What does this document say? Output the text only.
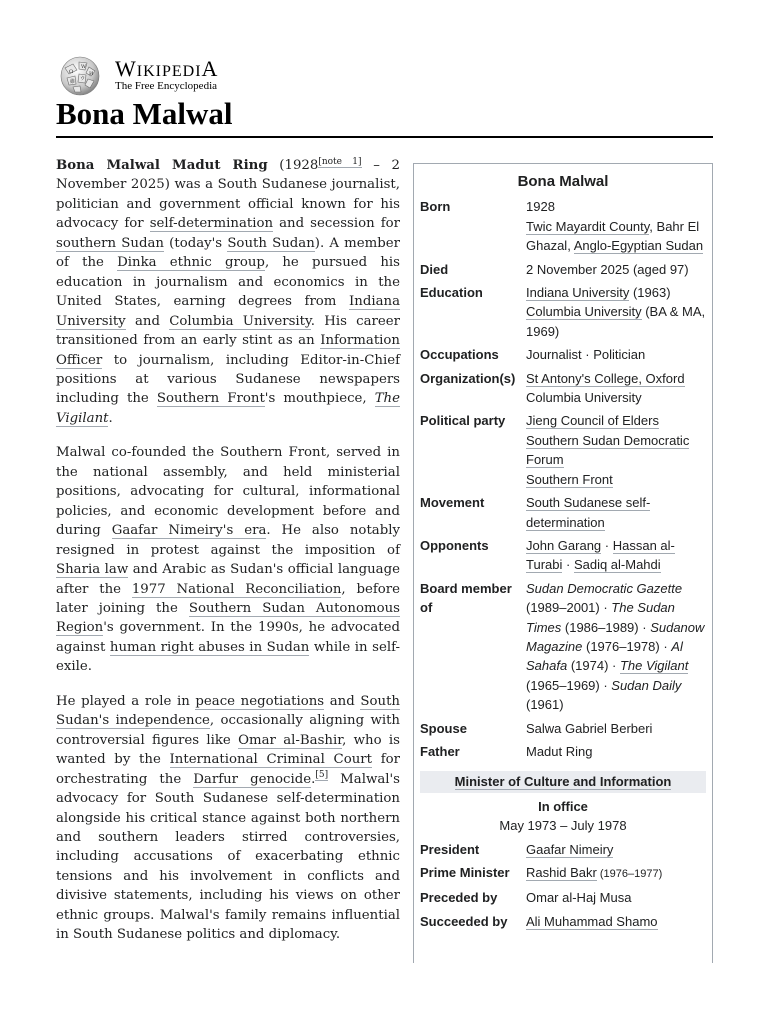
Ω
W
И
維 ウ WIKIPEDIA
The Free Encyclopedia
Bona Malwal

Bona Malwal Madut Ring (1928[note 1] – 2 November 2025) was a South Sudanese journalist, politician and government official known for his advocacy for self-determination and secession for southern Sudan (today's South Sudan). A member of the Dinka ethnic group, he pursued his education in journalism and economics in the United States, earning degrees from Indiana University and Columbia University. His career transitioned from an early stint as an Information Officer to journalism, including Editor-in-Chief positions at various Sudanese newspapers including the Southern Front's mouthpiece, The Vigilant.

Malwal co-founded the Southern Front, served in the national assembly, and held ministerial positions, advocating for cultural, informational policies, and economic development before and during Gaafar Nimeiry's era. He also notably resigned in protest against the imposition of Sharia law and Arabic as Sudan's official language after the 1977 National Reconciliation, before later joining the Southern Sudan Autonomous Region's government. In the 1990s, he advocated against human right abuses in Sudan while in self-exile.

He played a role in peace negotiations and South Sudan's independence, occasionally aligning with controversial figures like Omar al-Bashir, who is wanted by the International Criminal Court for orchestrating the Darfur genocide.[5] Malwal's advocacy for South Sudanese self-determination alongside his critical stance against both northern and southern leaders stirred controversies, including accusations of exacerbating ethnic tensions and his involvement in conflicts and divisive statements, including his views on other ethnic groups. Malwal's family remains influential in South Sudanese politics and diplomacy.

Bona Malwal
Born	1928
Twic Mayardit County, Bahr El Ghazal, Anglo-Egyptian Sudan
Died	2 November 2025 (aged 97)
Education	Indiana University (1963)
Columbia University (BA & MA, 1969)
Occupations	Journalist · Politician
Organization(s) St Antony's College, Oxford
Columbia University
Political party	Jieng Council of Elders
Southern Sudan Democratic Forum
Southern Front
Movement	South Sudanese self-determination
Opponents	John Garang · Hassan al-Turabi · Sadiq al-Mahdi
Board member of
Sudan Democratic Gazette (1989–2001) · The Sudan Times (1986–1989) · Sudanow Magazine (1976–1978) · Al Sahafa (1974) · The Vigilant (1965–1969) · Sudan Daily (1961)
Spouse	Salwa Gabriel Berberi
Father	Madut Ring
Minister of Culture and Information
In office
May 1973 – July 1978
President	Gaafar Nimeiry
Prime Minister	Rashid Bakr (1976–1977)
Preceded by	Omar al-Haj Musa
Succeeded by	Ali Muhammad Shamo
